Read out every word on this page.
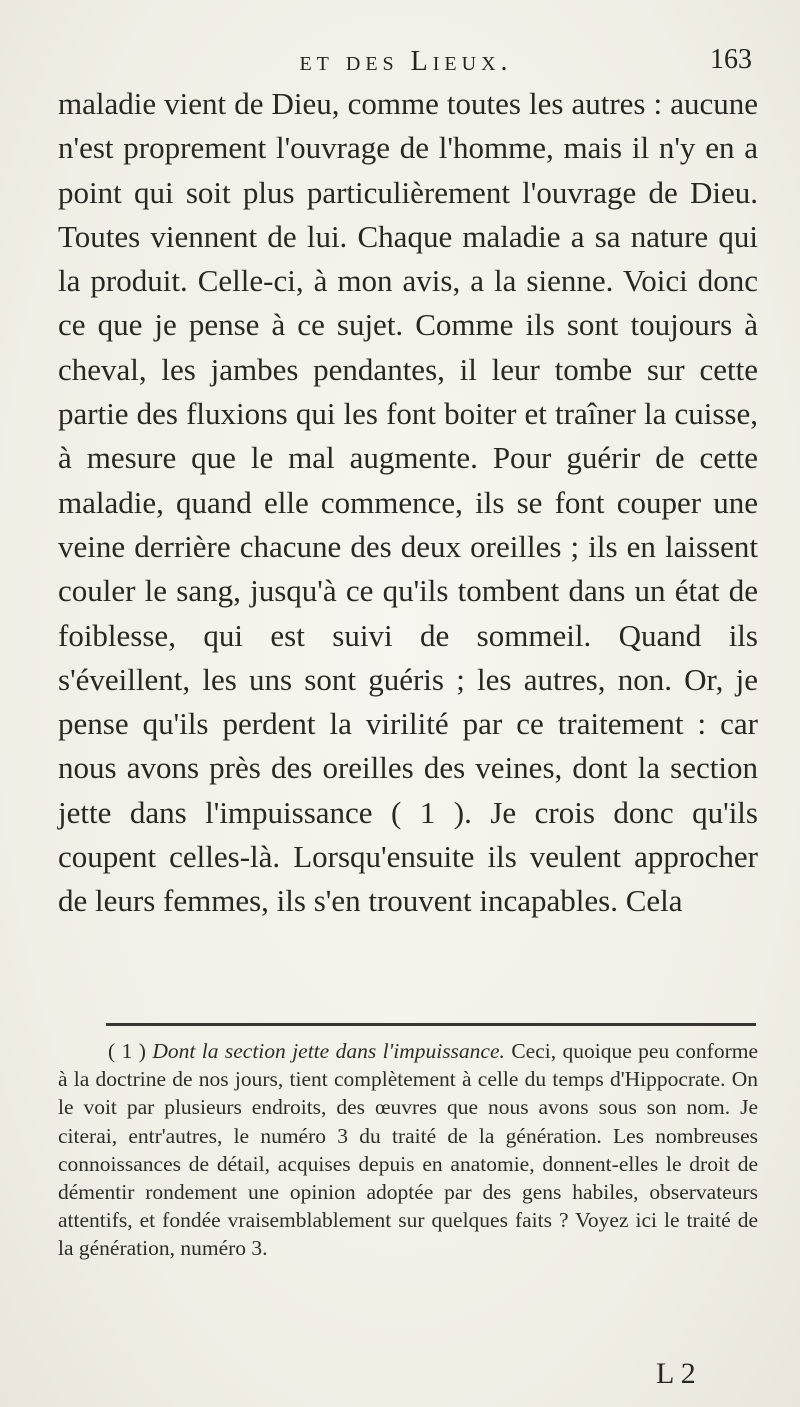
et des Lieux.	163

maladie vient de Dieu, comme toutes les autres : aucune n'est proprement l'ouvrage de l'homme, mais il n'y en a point qui soit plus particulièrement l'ouvrage de Dieu. Toutes viennent de lui. Chaque maladie a sa nature qui la produit. Celle-ci, à mon avis, a la sienne. Voici donc ce que je pense à ce sujet. Comme ils sont toujours à cheval, les jambes pendantes, il leur tombe sur cette partie des fluxions qui les font boiter et traîner la cuisse, à mesure que le mal augmente. Pour guérir de cette maladie, quand elle commence, ils se font couper une veine derrière chacune des deux oreilles ; ils en laissent couler le sang, jusqu'à ce qu'ils tombent dans un état de foiblesse, qui est suivi de sommeil. Quand ils s'éveillent, les uns sont guéris ; les autres, non. Or, je pense qu'ils perdent la virilité par ce traitement : car nous avons près des oreilles des veines, dont la section jette dans l'impuissance ( 1 ). Je crois donc qu'ils coupent celles-là. Lorsqu'ensuite ils veulent approcher de leurs femmes, ils s'en trouvent incapables. Cela

( 1 ) Dont la section jette dans l'impuissance. Ceci, quoique peu conforme à la doctrine de nos jours, tient complètement à celle du temps d'Hippocrate. On le voit par plusieurs endroits, des œuvres que nous avons sous son nom. Je citerai, entr'autres, le numéro 3 du traité de la génération. Les nombreuses connoissances de détail, acquises depuis en anatomie, donnent-elles le droit de démentir rondement une opinion adoptée par des gens habiles, observateurs attentifs, et fondée vraisemblablement sur quelques faits ? Voyez ici le traité de la génération, numéro 3.

L 2
